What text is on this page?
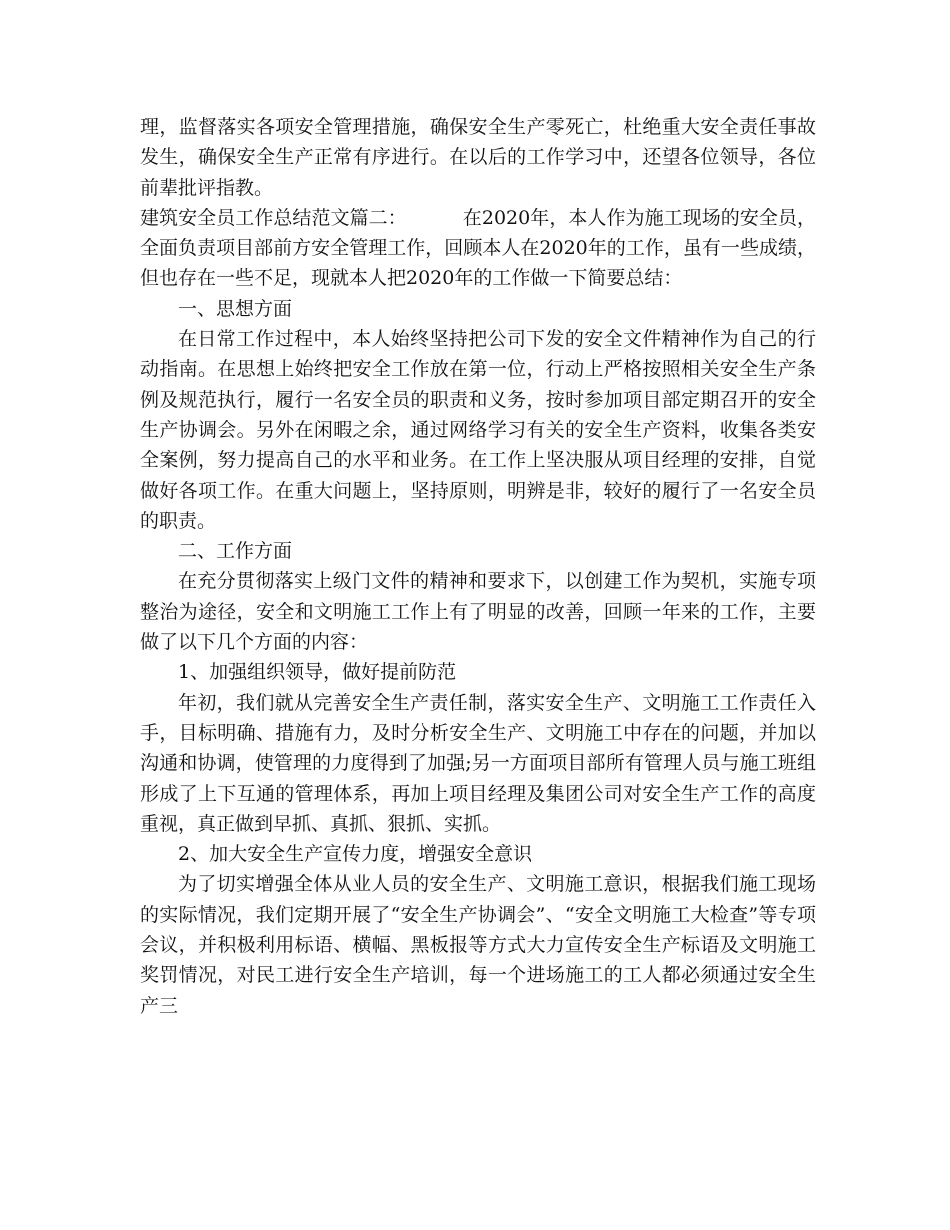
理，监督落实各项安全管理措施，确保安全生产零死亡，杜绝重大安全责任事故发生，确保安全生产正常有序进行。在以后的工作学习中，还望各位领导，各位前辈批评指教。

建筑安全员工作总结范文篇二：	在2020年，本人作为施工现场的安全员，全面负责项目部前方安全管理工作，回顾本人在2020年的工作，虽有一些成绩，但也存在一些不足，现就本人把2020年的工作做一下简要总结：

一、思想方面

在日常工作过程中，本人始终坚持把公司下发的安全文件精神作为自己的行动指南。在思想上始终把安全工作放在第一位，行动上严格按照相关安全生产条例及规范执行，履行一名安全员的职责和义务，按时参加项目部定期召开的安全生产协调会。另外在闲暇之余，通过网络学习有关的安全生产资料，收集各类安全案例，努力提高自己的水平和业务。在工作上坚决服从项目经理的安排，自觉做好各项工作。在重大问题上，坚持原则，明辨是非，较好的履行了一名安全员的职责。

二、工作方面

在充分贯彻落实上级门文件的精神和要求下，以创建工作为契机，实施专项整治为途径，安全和文明施工工作上有了明显的改善，回顾一年来的工作，主要做了以下几个方面的内容：

1、加强组织领导，做好提前防范

年初，我们就从完善安全生产责任制，落实安全生产、文明施工工作责任入手，目标明确、措施有力，及时分析安全生产、文明施工中存在的问题，并加以沟通和协调，使管理的力度得到了加强;另一方面项目部所有管理人员与施工班组形成了上下互通的管理体系，再加上项目经理及集团公司对安全生产工作的高度重视，真正做到早抓、真抓、狠抓、实抓。

2、加大安全生产宣传力度，增强安全意识

为了切实增强全体从业人员的安全生产、文明施工意识，根据我们施工现场的实际情况，我们定期开展了“安全生产协调会”、“安全文明施工大检查”等专项会议，并积极利用标语、横幅、黑板报等方式大力宣传安全生产标语及文明施工奖罚情况，对民工进行安全生产培训，每一个进场施工的工人都必须通过安全生产三
